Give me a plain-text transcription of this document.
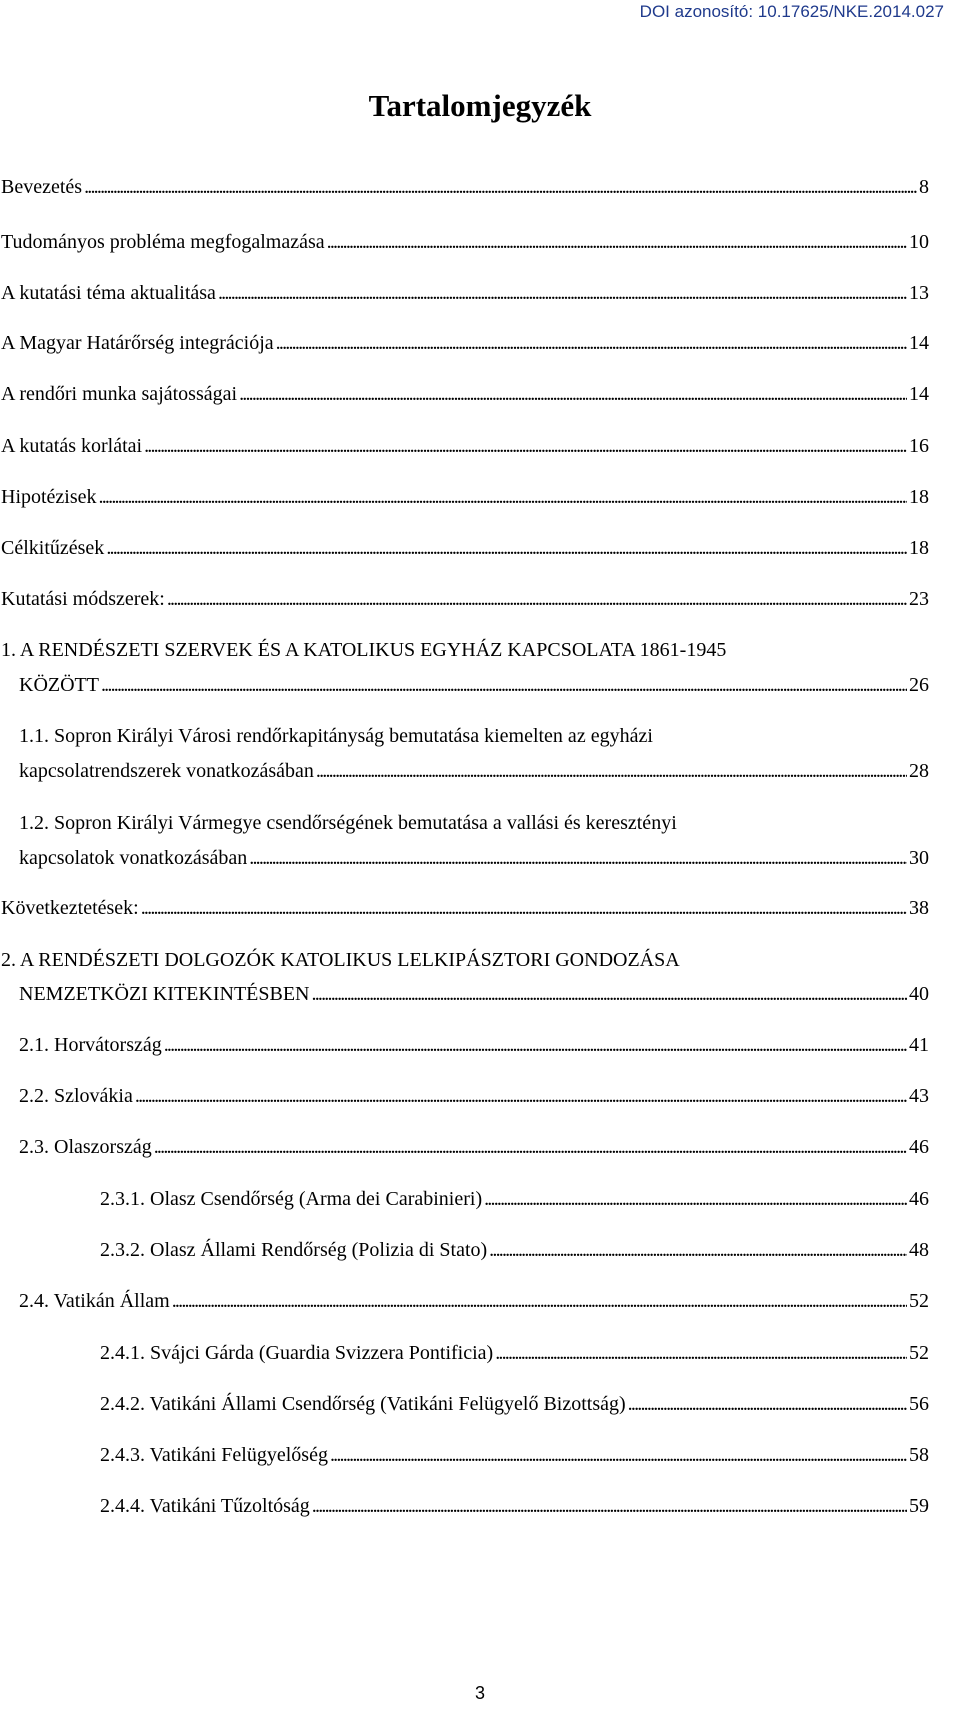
DOI azonosító: 10.17625/NKE.2014.027
Tartalomjegyzék
Bevezetés . . .	8
Tudományos probléma megfogalmazása . . .	10
A kutatási téma aktualitása . . .	13
A Magyar Határőrség integrációja . . .	14
A rendőri munka sajátosságai . . .	14
A kutatás korlátai . . .	16
Hipotézisek . . .	18
Célkitűzések . . .	18
Kutatási módszerek: . . .	23
1. A RENDÉSZETI SZERVEK ÉS A KATOLIKUS EGYHÁZ KAPCSOLATA 1861-1945
KÖZÖTT . . .	26
1.1. Sopron Királyi Városi rendőrkapitányság bemutatása kiemelten az egyházi
kapcsolatrendszerek vonatkozásában . . .	28
1.2. Sopron Királyi Vármegye csendőrségének bemutatása a vallási és keresztényi
kapcsolatok vonatkozásában . . .	30
Következtetések: . . .	38
2. A RENDÉSZETI DOLGOZÓK KATOLIKUS LELKIPÁSZTORI GONDOZÁSA
NEMZETKÖZI KITEKINTÉSBEN . . .	40
2.1. Horvátország . . .	41
2.2. Szlovákia . . .	43
2.3. Olaszország . . .	46
2.3.1. Olasz Csendőrség (Arma dei Carabinieri) . . .	46
2.3.2. Olasz Állami Rendőrség (Polizia di Stato) . . .	48
2.4. Vatikán Állam . . .	52
2.4.1. Svájci Gárda (Guardia Svizzera Pontificia) . . .	52
2.4.2. Vatikáni Állami Csendőrség (Vatikáni Felügyelő Bizottság) . . .	56
2.4.3. Vatikáni Felügyelőség . . .	58
2.4.4. Vatikáni Tűzoltóság . . .	59
3
